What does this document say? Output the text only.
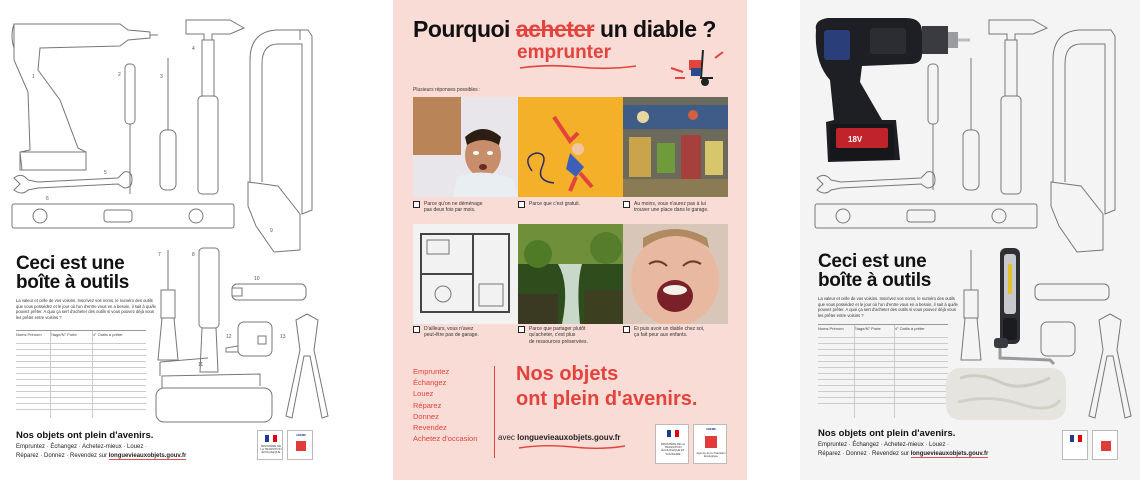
1	2	3
4
5
6
7	8
9
10
11
12	13
Ceci est une
boîte à outils
La valeur et celle de vos voisins. Inscrivez vos noms, le numéro des outils que vous possédez et le jour où l'un d'entre vous en a besoin, il sait à qui/le pouvez prêter. A quoi ça sert d'acheter des outils si vous pouvez déjà vous les prêter entre voisins ?
Noms Prénom	Étage/N° Porte	N° Outils à prêter
Nos objets ont plein d'avenirs.
Empruntez · Échangez · Achetez-mieux · Louez ·
Réparez · Donnez · Revendez sur longuevieauxobjets.gouv.fr
MINISTÈRE DE LA TRANSITION ÉCOLOGIQUE
ADEME
Pourquoi acheter un diable ?
emprunter
Plusieurs réponses possibles :
Parce qu'on ne déménage
pas deux fois par mois.
Parce que c'est gratuit.	Au moins, vous n'aurez pas à lui
trouver une place dans le garage.
D'ailleurs, vous n'avez
peut-être pas de garage.
Parce que partager plutôt
qu'acheter, c'est plus
de ressources préservées.
Et puis avoir un diable chez soi,
ça fait peur aux enfants.
Empruntez
Échangez
Louez
Réparez
Donnez
Revendez
Achetez d'occasion
Nos objets
ont plein d'avenirs.
avec longuevieauxobjets.gouv.fr
MINISTÈRE DE LA TRANSITION ÉCOLOGIQUE ET SOLIDAIRE
ADEME
Agence de la Transition Écologique
18V
Ceci est une
boîte à outils
La valeur et celle de vos voisins. Inscrivez vos noms, le numéro des outils que vous possédez et le jour où l'un d'entre vous en a besoin, il sait à qui/le pouvez prêter. A quoi ça sert d'acheter des outils si vous pouvez déjà vous les prêter entre voisins ?
Noms Prénom	Étage/N° Porte	N° Outils à prêter
Nos objets ont plein d'avenirs.
Empruntez · Échangez · Achetez-mieux · Louez ·
Réparez · Donnez · Revendez sur longuevieauxobjets.gouv.fr
